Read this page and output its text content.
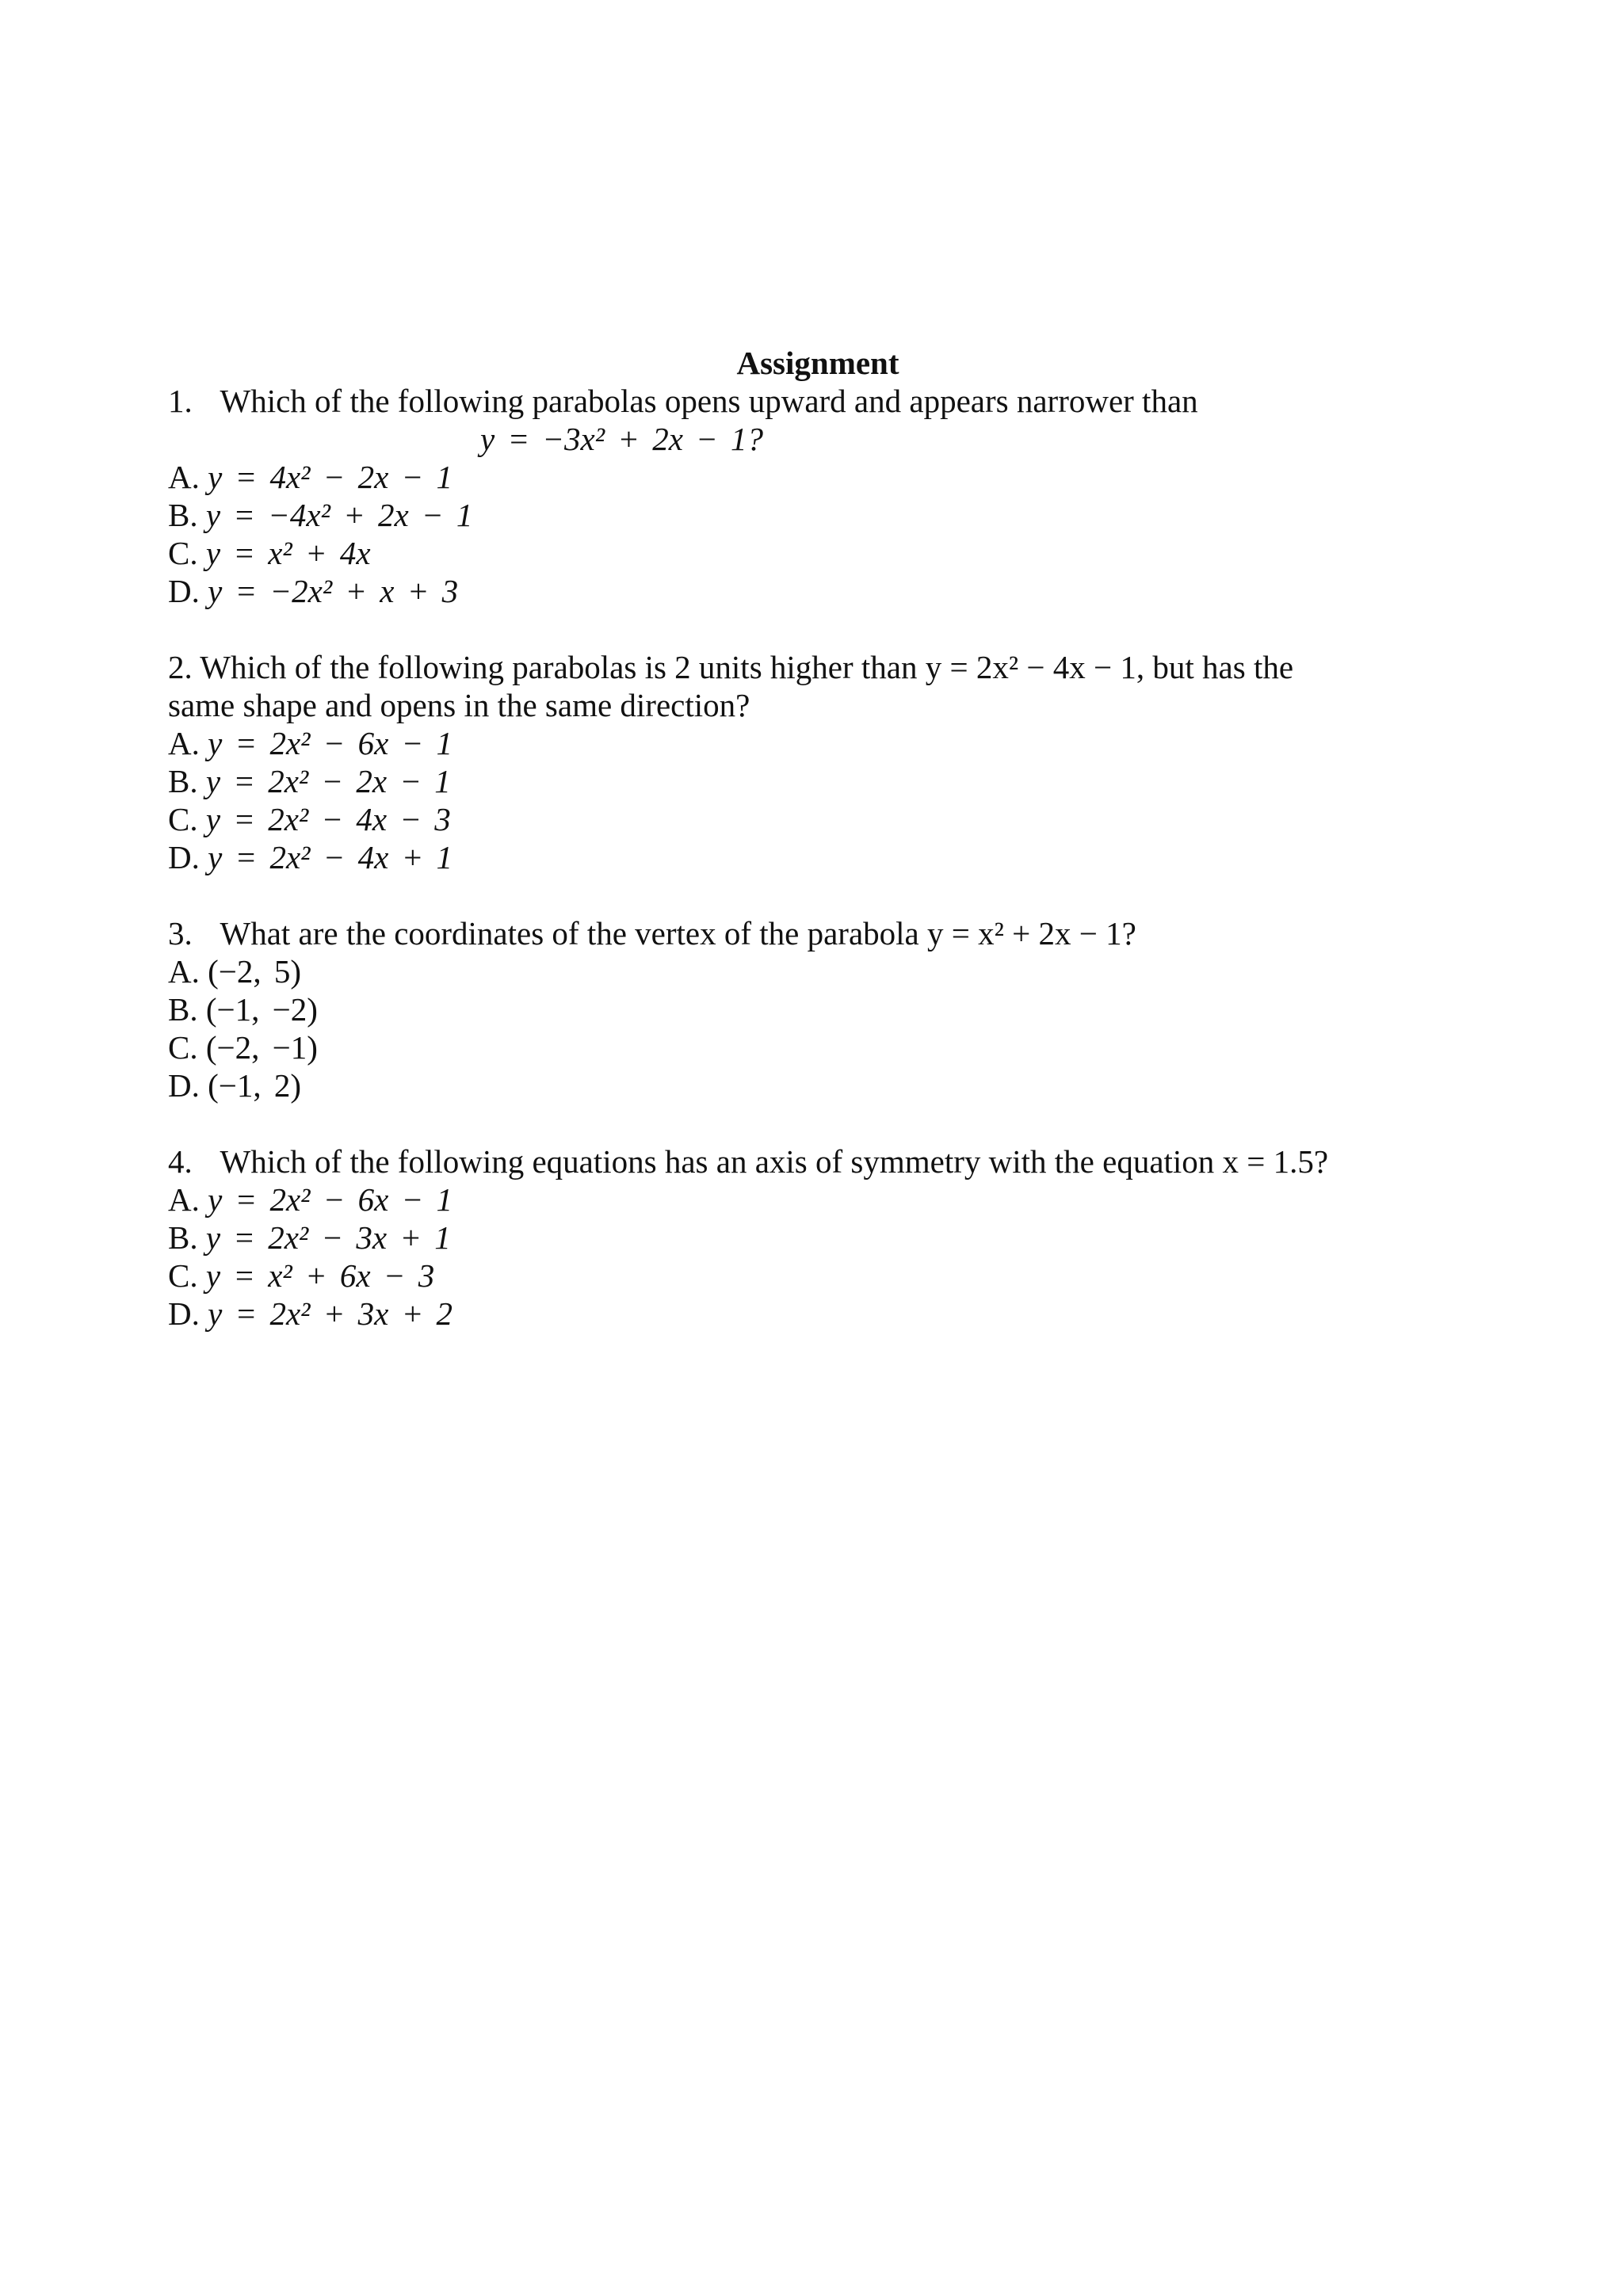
Assignment
1. Which of the following parabolas opens upward and appears narrower than
y = −3x² + 2x − 1?
A. y = 4x² − 2x − 1
B. y = −4x² + 2x − 1
C. y = x² + 4x
D. y = −2x² + x + 3
2. Which of the following parabolas is 2 units higher than y = 2x² − 4x − 1, but has the
same shape and opens in the same direction?
A. y = 2x² − 6x − 1
B. y = 2x² − 2x − 1
C. y = 2x² − 4x − 3
D. y = 2x² − 4x + 1
3. What are the coordinates of the vertex of the parabola y = x² + 2x − 1?
A. (−2, 5)
B. (−1, −2)
C. (−2, −1)
D. (−1, 2)
4. Which of the following equations has an axis of symmetry with the equation x = 1.5?
A. y = 2x² − 6x − 1
B. y = 2x² − 3x + 1
C. y = x² + 6x − 3
D. y = 2x² + 3x + 2
